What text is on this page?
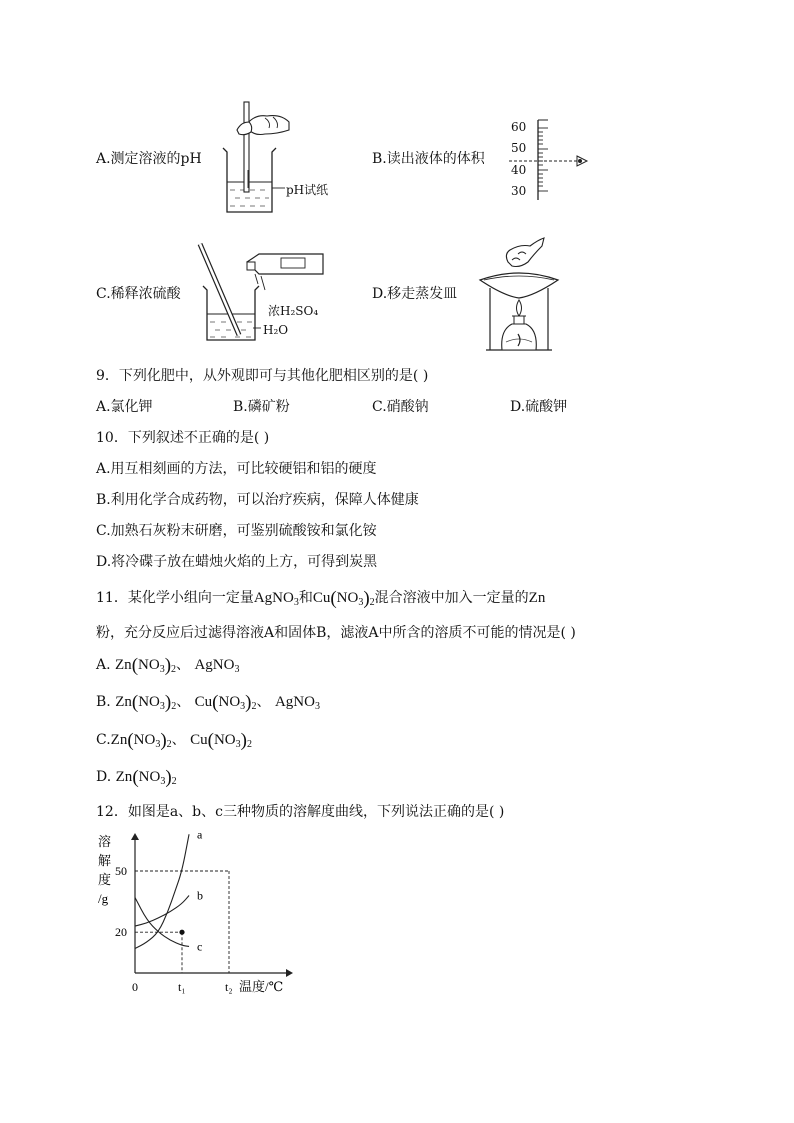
A.测定溶液的pH
pH试纸
B.读出液体的体积
60
50
40
30
C.稀释浓硫酸
浓H₂SO₄
H₂O
D.移走蒸发皿
9．下列化肥中，从外观即可与其他化肥相区别的是( )
A.氯化钾	B.磷矿粉	C.硝酸钠	D.硫酸钾
10．下列叙述不正确的是( )
A.用互相刻画的方法，可比较硬铝和铝的硬度
B.利用化学合成药物，可以治疗疾病，保障人体健康
C.加熟石灰粉末研磨，可鉴别硫酸铵和氯化铵
D.将冷碟子放在蜡烛火焰的上方，可得到炭黑
11．某化学小组向一定量AgNO$_3$和$Cu(NO_3)_2$混合溶液中加入一定量的Zn
粉，充分反应后过滤得溶液A和固体B，滤液A中所含的溶质不可能的情况是( )
A. $Zn(NO_3)_2$、 AgNO$_3$
B. $Zn(NO_3)_2$、 $Cu(NO_3)_2$、 AgNO$_3$
$C.Zn(NO_3)_2$、 $Cu(NO_3)_2$
D. $Zn(NO_3)_2$
12．如图是a、b、c三种物质的溶解度曲线，下列说法正确的是( )
a
b
c
50
20
0	t₁	t₂ 温度/℃
溶
解
度
/g
